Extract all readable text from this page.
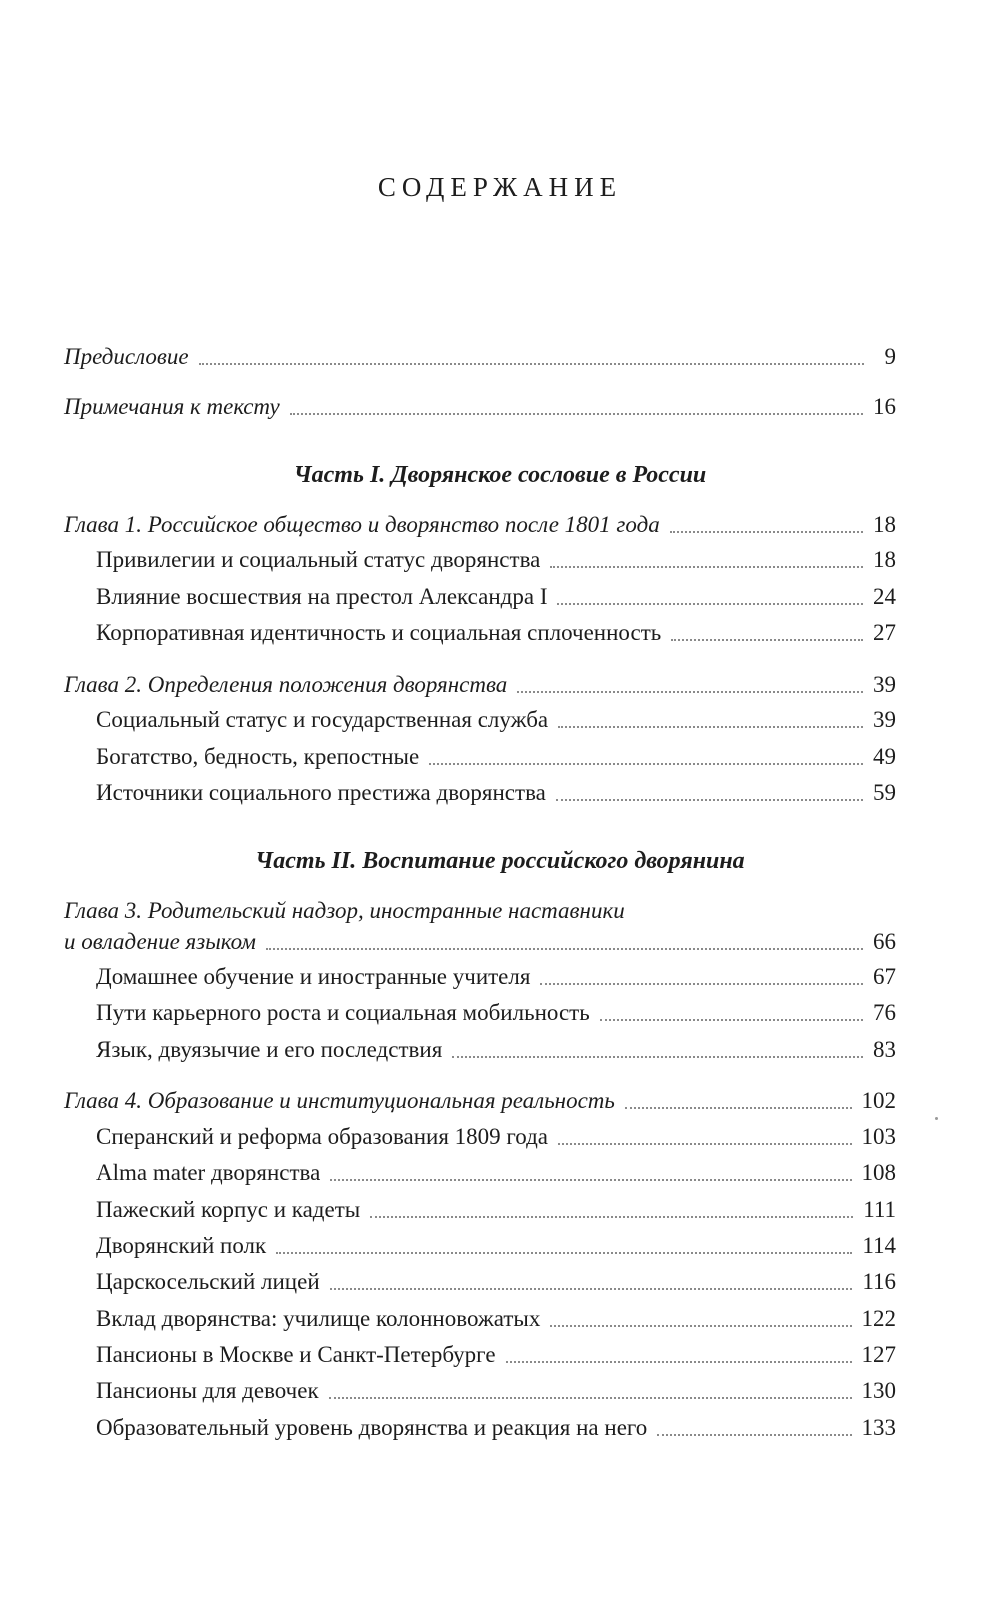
СОДЕРЖАНИЕ
Предисловие	9
Примечания к тексту	16
Часть I. Дворянское сословие в России
Глава 1. Российское общество и дворянство после 1801 года	18
Привилегии и социальный статус дворянства	18
Влияние восшествия на престол Александра I	24
Корпоративная идентичность и социальная сплоченность	27
Глава 2. Определения положения дворянства	39
Социальный статус и государственная служба	39
Богатство, бедность, крепостные	49
Источники социального престижа дворянства	59
Часть II. Воспитание российского дворянина
Глава 3. Родительский надзор, иностранные наставники
и овладение языком	66
Домашнее обучение и иностранные учителя	67
Пути карьерного роста и социальная мобильность	76
Язык, двуязычие и его последствия	83
Глава 4. Образование и институциональная реальность	102
Сперанский и реформа образования 1809 года	103
Alma mater дворянства	108
Пажеский корпус и кадеты	111
Дворянский полк	114
Царскосельский лицей	116
Вклад дворянства: училище колонновожатых	122
Пансионы в Москве и Санкт-Петербурге	127
Пансионы для девочек	130
Образовательный уровень дворянства и реакция на него	133
